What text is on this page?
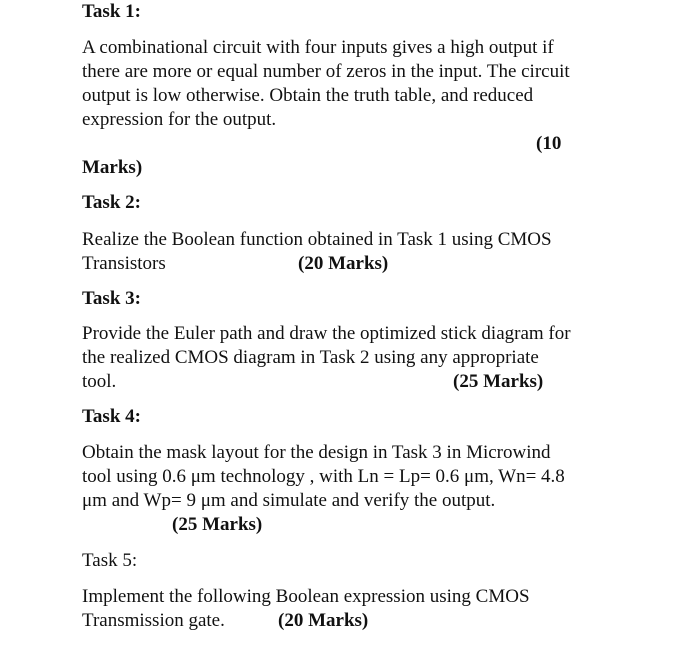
Task 1:
A combinational circuit with four inputs gives a high output if
there are more or equal number of zeros in the input. The circuit
output is low otherwise. Obtain the truth table, and reduced
expression for the output.
(10
Marks)
Task 2:
Realize the Boolean function obtained in Task 1 using CMOS
Transistors	(20 Marks)
Task 3:
Provide the Euler path and draw the optimized stick diagram for
the realized CMOS diagram in Task 2 using any appropriate
tool.	(25 Marks)
Task 4:
Obtain the mask layout for the design in Task 3 in Microwind
tool using 0.6 μm technology , with Ln = Lp= 0.6 μm, Wn= 4.8
μm and Wp= 9 μm and simulate and verify the output.
(25 Marks)
Task 5:
Implement the following Boolean expression using CMOS
Transmission gate.	(20 Marks)
